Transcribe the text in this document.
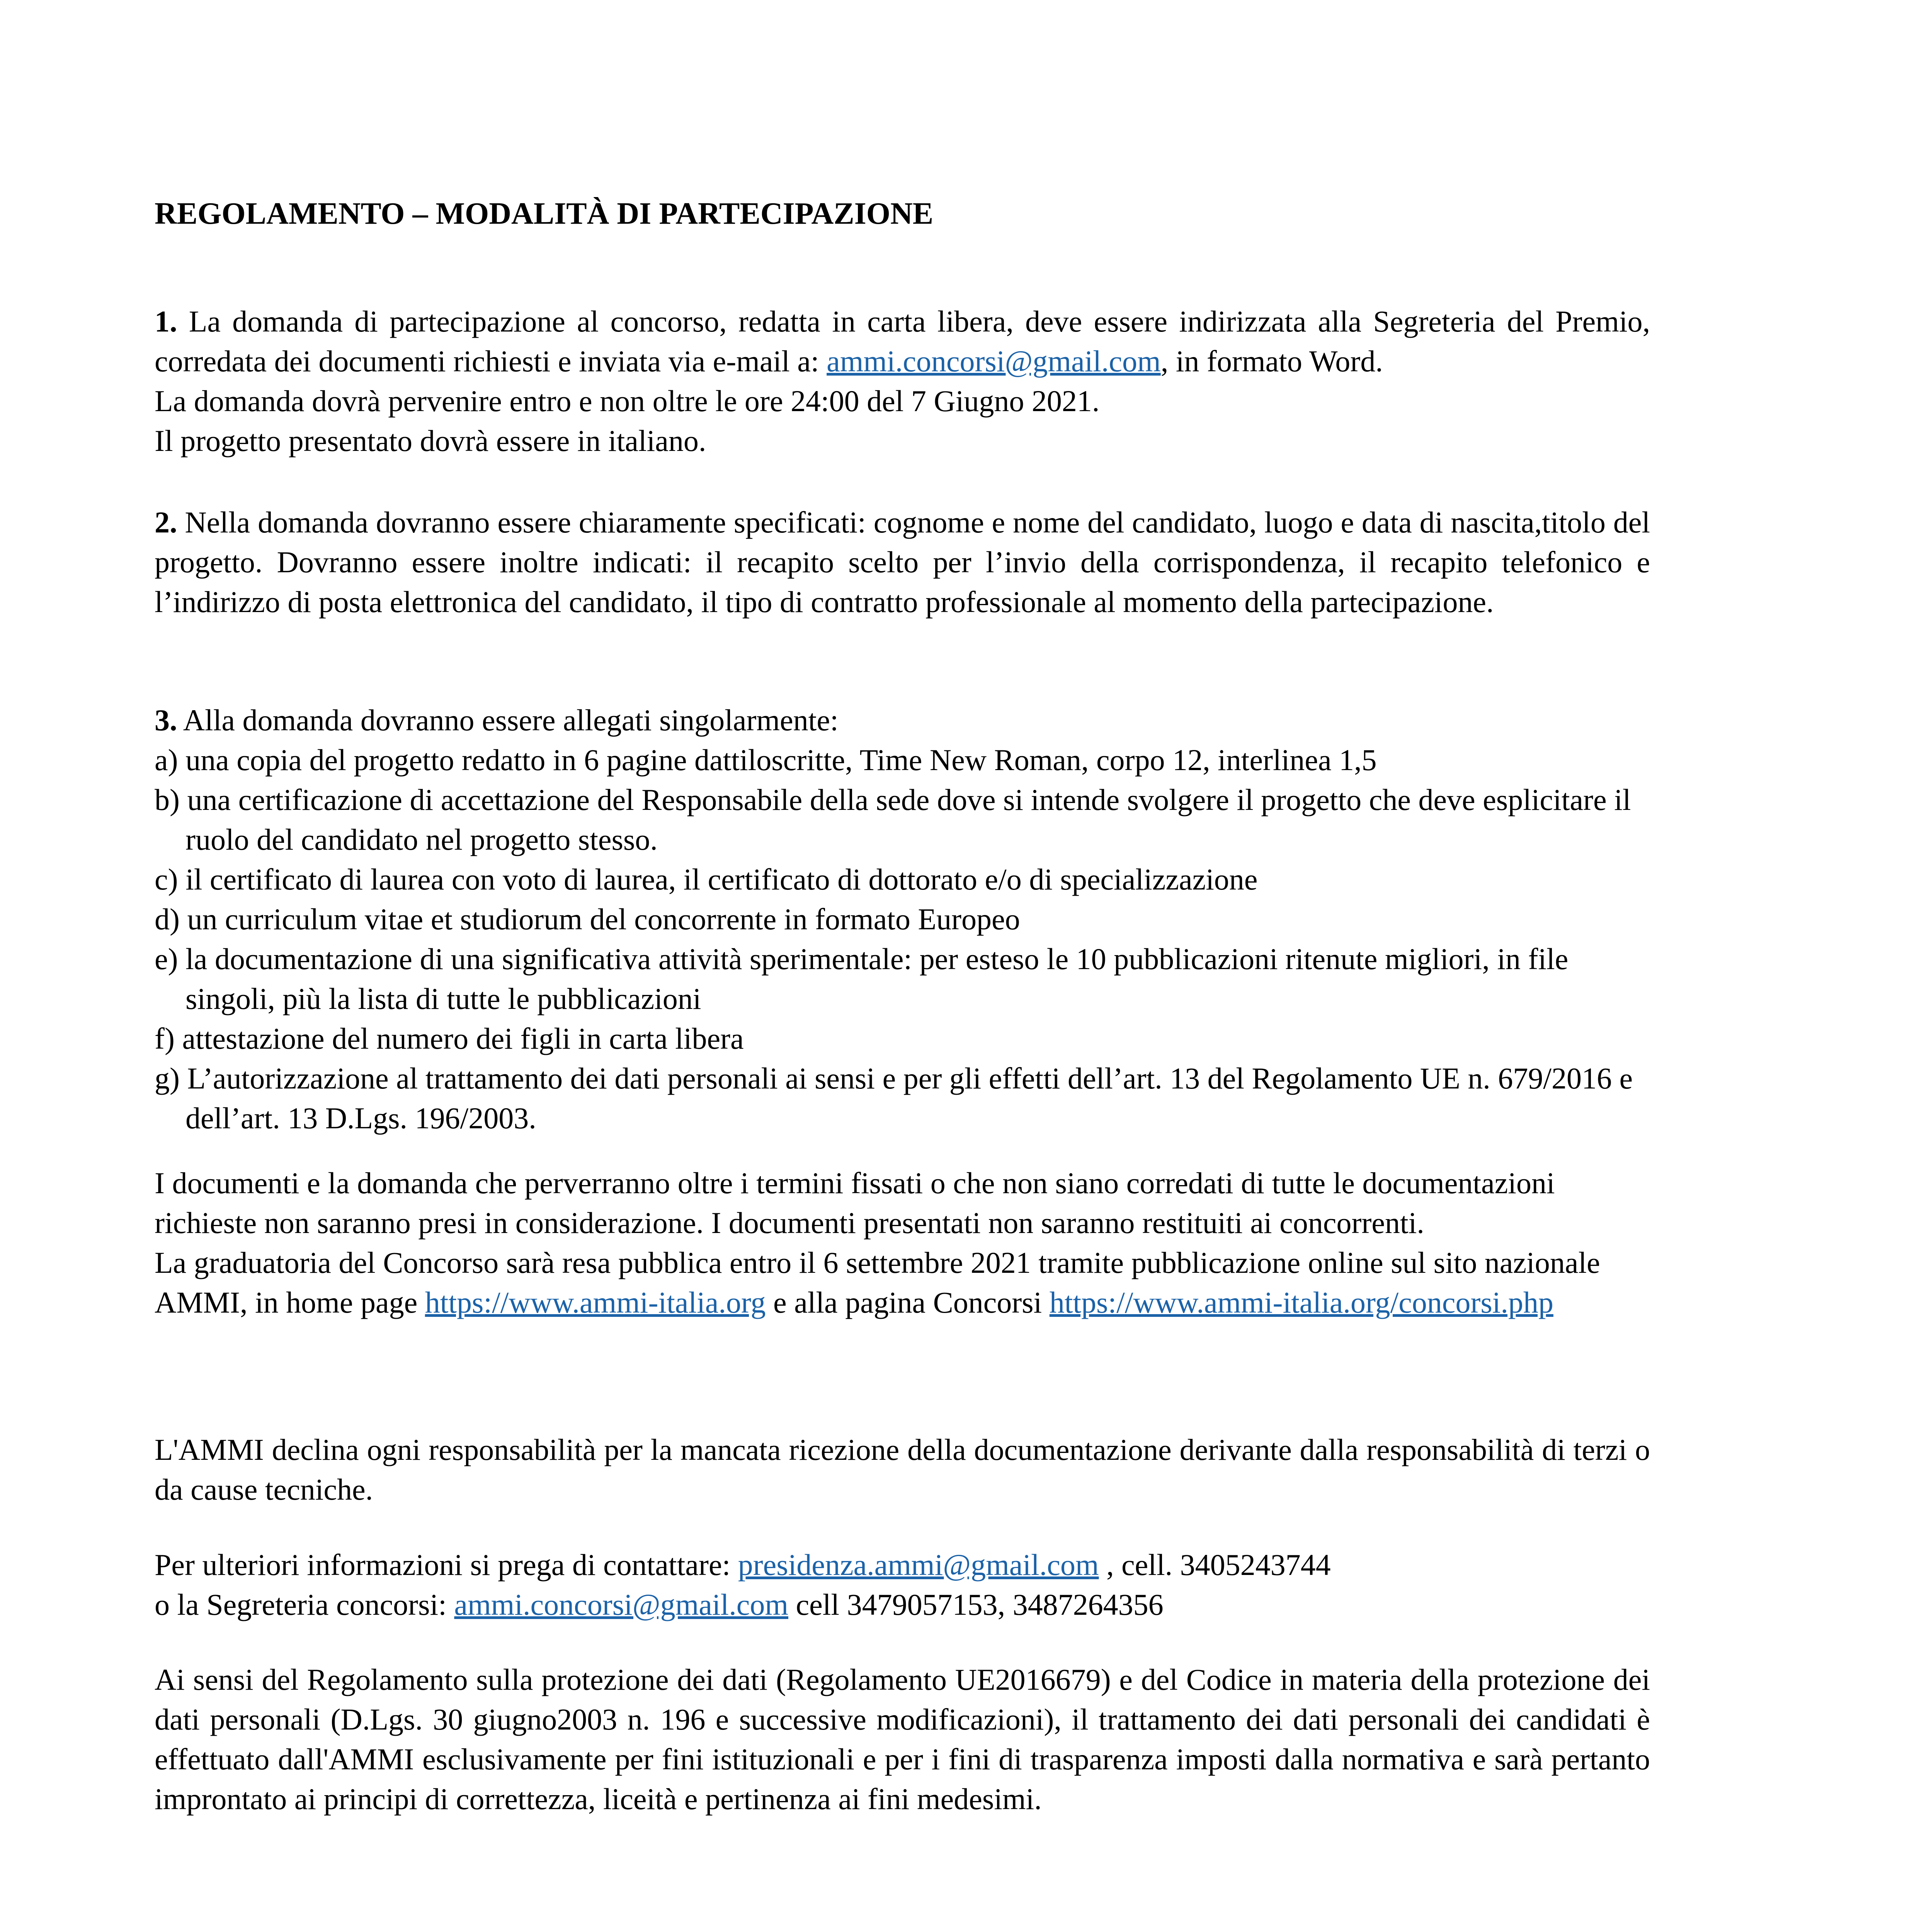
REGOLAMENTO – MODALITÀ DI PARTECIPAZIONE

1. La domanda di partecipazione al concorso, redatta in carta libera, deve essere indirizzata alla Segreteria del Premio, corredata dei documenti richiesti e inviata via e-mail a: ammi.concorsi@gmail.com, in formato Word.

La domanda dovrà pervenire entro e non oltre le ore 24:00 del 7 Giugno 2021.

Il progetto presentato dovrà essere in italiano.

2. Nella domanda dovranno essere chiaramente specificati: cognome e nome del candidato, luogo e data di nascita,titolo del progetto. Dovranno essere inoltre indicati: il recapito scelto per l’invio della corrispondenza, il recapito telefonico e l’indirizzo di posta elettronica del candidato, il tipo di contratto professionale al momento della partecipazione.

3. Alla domanda dovranno essere allegati singolarmente:

a) una copia del progetto redatto in 6 pagine dattiloscritte, Time New Roman, corpo 12, interlinea 1,5
b) una certificazione di accettazione del Responsabile della sede dove si intende svolgere il progetto che deve esplicitare il ruolo del candidato nel progetto stesso.
c) il certificato di laurea con voto di laurea, il certificato di dottorato e/o di specializzazione
d) un curriculum vitae et studiorum del concorrente in formato Europeo
e) la documentazione di una significativa attività sperimentale: per esteso le 10 pubblicazioni ritenute migliori, in file singoli, più la lista di tutte le pubblicazioni
f) attestazione del numero dei figli in carta libera
g) L’autorizzazione al trattamento dei dati personali ai sensi e per gli effetti dell’art. 13 del Regolamento UE n. 679/2016 e dell’art. 13 D.Lgs. 196/2003.

I documenti e la domanda che perverranno oltre i termini fissati o che non siano corredati di tutte le documentazioni richieste non saranno presi in considerazione. I documenti presentati non saranno restituiti ai concorrenti.

La graduatoria del Concorso sarà resa pubblica entro il 6 settembre 2021 tramite pubblicazione online sul sito nazionale AMMI, in home page https://www.ammi-italia.org e alla pagina Concorsi https://www.ammi-italia.org/concorsi.php

L'AMMI declina ogni responsabilità per la mancata ricezione della documentazione derivante dalla responsabilità di terzi o da cause tecniche.

Per ulteriori informazioni si prega di contattare: presidenza.ammi@gmail.com , cell. 3405243744

o la Segreteria concorsi: ammi.concorsi@gmail.com cell 3479057153, 3487264356

Ai sensi del Regolamento sulla protezione dei dati (Regolamento UE2016679) e del Codice in materia della protezione dei dati personali (D.Lgs. 30 giugno2003 n. 196 e successive modificazioni), il trattamento dei dati personali dei candidati è effettuato dall'AMMI esclusivamente per fini istituzionali e per i fini di trasparenza imposti dalla normativa e sarà pertanto improntato ai principi di correttezza, liceità e pertinenza ai fini medesimi.
